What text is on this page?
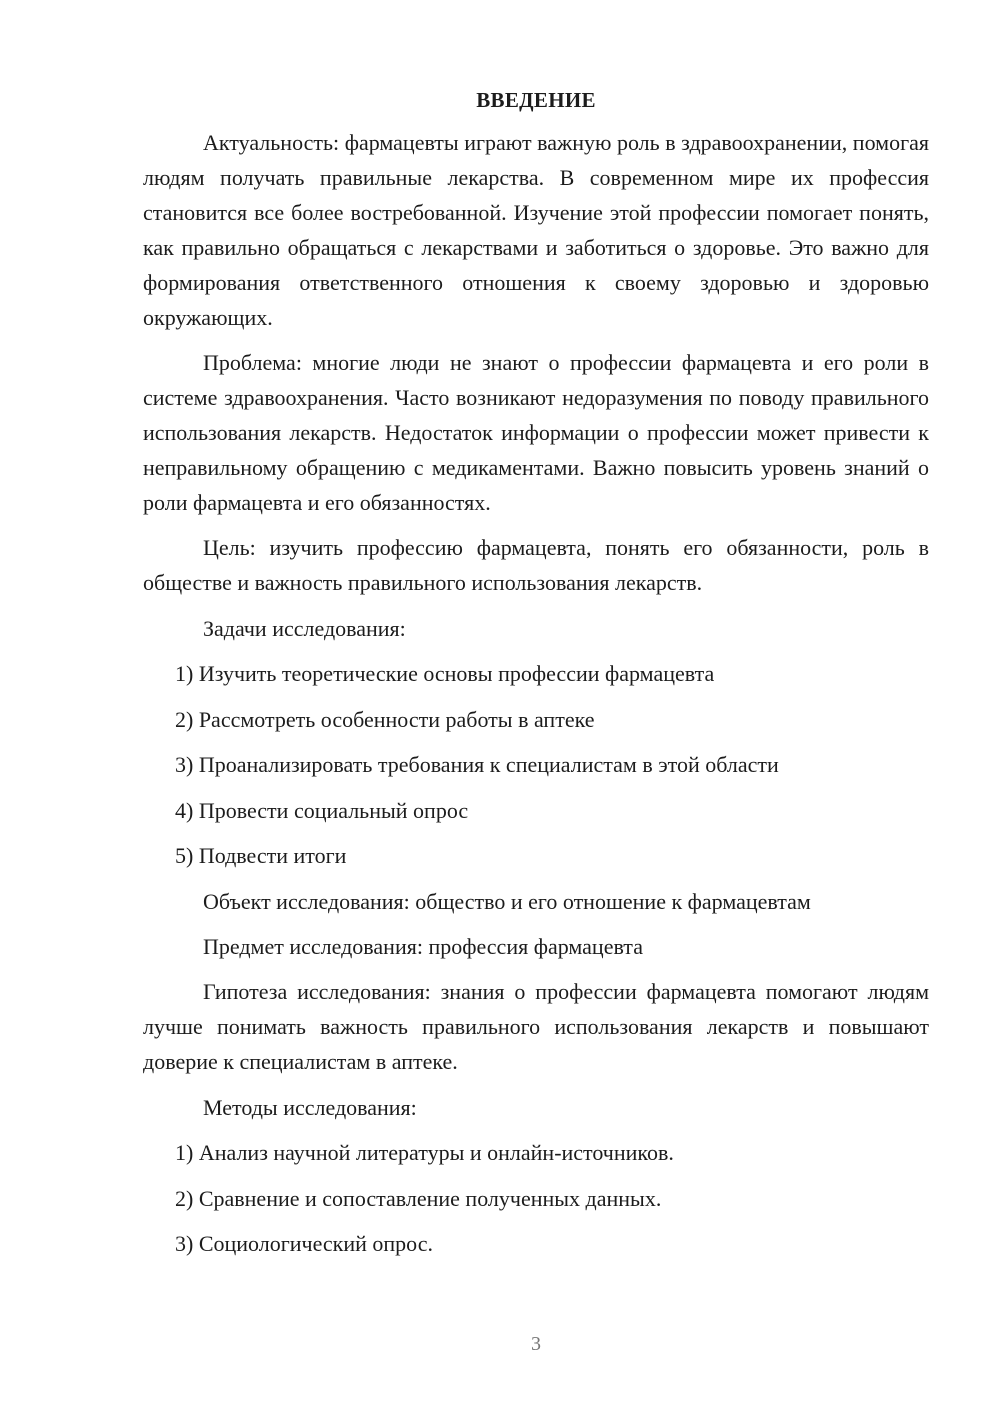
ВВЕДЕНИЕ

Актуальность: фармацевты играют важную роль в здравоохранении, помогая людям получать правильные лекарства. В современном мире их профессия становится все более востребованной. Изучение этой профессии помогает понять, как правильно обращаться с лекарствами и заботиться о здоровье. Это важно для формирования ответственного отношения к своему здоровью и здоровью окружающих.

Проблема: многие люди не знают о профессии фармацевта и его роли в системе здравоохранения. Часто возникают недоразумения по поводу правильного использования лекарств. Недостаток информации о профессии может привести к неправильному обращению с медикаментами. Важно повысить уровень знаний о роли фармацевта и его обязанностях.

Цель: изучить профессию фармацевта, понять его обязанности, роль в обществе и важность правильного использования лекарств.

Задачи исследования:
1) Изучить теоретические основы профессии фармацевта
2) Рассмотреть особенности работы в аптеке
3) Проанализировать требования к специалистам в этой области
4) Провести социальный опрос
5) Подвести итоги
Объект исследования: общество и его отношение к фармацевтам
Предмет исследования: профессия фармацевта

Гипотеза исследования: знания о профессии фармацевта помогают людям лучше понимать важность правильного использования лекарств и повышают доверие к специалистам в аптеке.

Методы исследования:
1) Анализ научной литературы и онлайн-источников.
2) Сравнение и сопоставление полученных данных.
3) Социологический опрос.
3
